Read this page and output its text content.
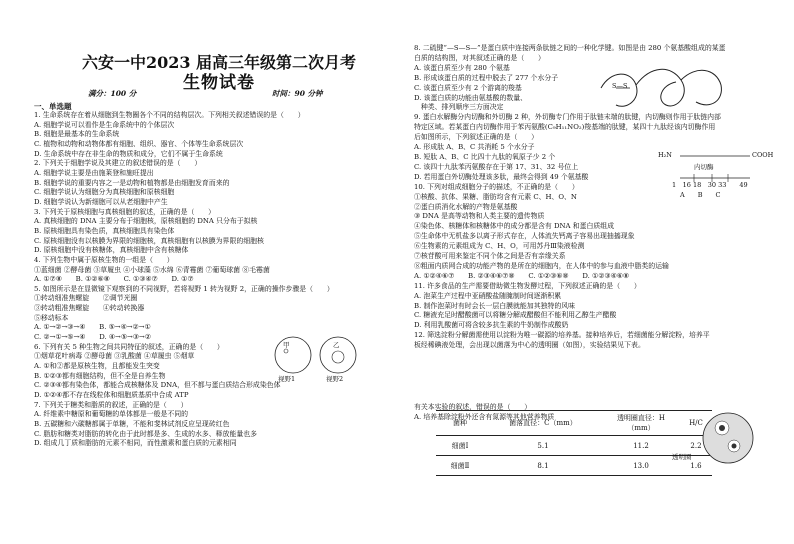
六安一中2023 届高三年级第二次月考
生物试卷
满分：100 分	时间：90 分钟
一、单选题
1. 生命系统存在着从细胞到生物圈各个不同的结构层次。下列相关叙述错误的是（　　）
A. 细胞学说可以看作是生命系统中的个体层次
B. 细胞是最基本的生命系统
C. 植物和动物和动物体都有细胞、组织、器官、个体等生命系统层次
D. 生命系统中存在非生命的物质和成分，它们不属于生命系统
2. 下列关于细胞学说及其建立的叙述错误的是（　　）
A. 细胞学说主要是由施莱登和施旺提出
B. 细胞学说的重要内容之一是动物和植物都是由细胞发育而来的
C. 细胞学说认为细胞分为真核细胞和原核细胞
D. 细胞学说认为新细胞可以从老细胞中产生
3. 下列关于原核细胞与真核细胞的叙述，正确的是（　　）
A. 真核细胞的 DNA 主要分布于细胞核，原核细胞的 DNA 只分布于拟核
B. 原核细胞具有染色质，真核细胞具有染色体
C. 原核细胞没有以核膜为界限的细胞核，真核细胞有以核膜为界限的细胞核
D. 原核细胞中没有核糖体，真核细胞中含有核糖体
4. 下列生物中属于原核生物的一组是（　　）
①蓝细菌 ②酵母菌 ③草履虫 ④小球藻 ⑤水绵 ⑥青霉菌 ⑦葡萄球菌 ⑧毛霉菌
A. ①⑦⑧　　B. ①②⑥⑧　　C. ①③④⑦　　D. ①⑦
5. 如图所示是在显微镜下观察到的不同视野，若将视野 1 转为视野 2，正确的操作步骤是（　　）
①转动细准焦螺旋　　②调节光圈
③转动粗准焦螺旋　　④转动转换器
⑤移动标本
A. ①→②→③→④　　B. ⑤→④→②→①
C. ②→①→⑤→④　　D. ④→⑤→③→②
6. 下列有关 5 种生物之间共同特征的叙述，正确的是（　　）
①烟草花叶病毒 ②酵母菌 ③乳酸菌 ④草履虫 ⑤烟草
A. ①和②都是原核生物，且都能发生突变
B. ①②③都有细胞结构，但不全是自养生物
C. ②③④都有染色体，都能合成核糖体及 DNA，但不都与蛋白质结合形成染色体
D. ①②④都不存在线粒体和细胞质基质中合成 ATP
7. 下列关于糖类和脂质的叙述，正确的是（　　）
A. 纤维素中糖原和葡萄糖的单体都是一般是不同的
B. 五碳糖和六碳糖都属于单糖，不能和斐林试剂反应呈现砖红色
C. 脂肪和糖类对脂肪的转化由于此时都是多、生成的水多、释放能量也多
D. 组成几丁质和脂肪的元素不相同，而性激素和蛋白质的元素相同
8. 二硫键“—S—S—”是蛋白质中连接两条肽链之间的一种化学键。如图是由 280 个氨基酸组成的某蛋
白质的结构图，对其叙述正确的是（　　）
A. 该蛋白质至少有 280 个氨基
B. 形成该蛋白质的过程中脱去了 277 个水分子
C. 该蛋白质至少有 2 个游离的羧基
D. 该蛋白质的功能由氨基酸的数量、
　种类、排列顺序三方面决定
9. 蛋白水解酶分内切酶和外切酶 2 种，外切酶专门作用于肽链末端的肽键，内切酶则作用于肽链内部
特定区域。若某蛋白内切酶作用于苯丙氨酸(C₉H₁₁NO₂)羧基端的肽键，某四十九肽经该内切酶作用
后如图所示，下列叙述正确的是（　　）
A. 形成肽 A、B、C 共消耗 5 个水分子
B. 短肽 A、B、C 比四十九肽的氧原子少 2 个
C. 该四十九肽苯丙氨酸存在于第 17、31、32 号位上
D. 若用蛋白外切酶处理该多肽，最终会得到 49 个氨基酸
10. 下列对组成细胞分子的描述，不正确的是（　　）
①核酸、抗体、果糖、脂肪均含有元素 C、H、O、N
②蛋白质消化水解的产物是氨基酸
③ DNA 是高等动物和人类主要的遗传物质
④染色体、核糖体和核糖体中的成分都是含有 DNA 和蛋白质组成
⑤生命体中无机盐多以离子形式存在，人体流失钙离子容易出现抽搐现象
⑥生物素的元素组成为 C、H、O，可用苏丹Ⅲ染液检测
⑦核苷酸可用来鉴定不同个体之间是否有亲缘关系
⑧粗面内质网合成的功能产物的是所在的细胞内，在人体中的参与血液中脂类的运输
A. ①②④⑥⑦　　B. ②③④⑥⑦⑧　　C. ①②③⑥⑧　　D. ①②③④⑥⑧
11. 许多食品的生产需要借助微生物发酵过程，下列叙述正确的是（　　）
A. 泡菜生产过程中亚硝酸盐随腌制时间逐渐积累
B. 制作泡菜时有时会长一层白膜就能加其独特的风味
C. 糖液充足时醋酸菌可以将糖分解成醋酸但不能利用乙醇生产醋酸
D. 利用乳酸菌可将含较多抗生素的牛奶制作成酸奶
12. 筛选淀粉分解菌需使用以淀粉为唯一碳源的培养基。接种培养后，若细菌能分解淀粉，培养平
板经稀碘液处理，会出现以菌落为中心的透明圈（如图），实验结果见下表。
有关本实验的叙述，错误的是（　　）
A. 培养基除淀粉外还含有氮源等其他营养物质
视野1	视野2
甲	乙
S—S
H₂N	COOH
内切酶
1　16 18　30 33　　49
A　　B　　C
菌种	菌落直径：C（mm）	透明圈直径：H（mm）	H/C
细菌Ⅰ	5.1	11.2	2.2
细菌Ⅱ	8.1	13.0	1.6
透明圈
